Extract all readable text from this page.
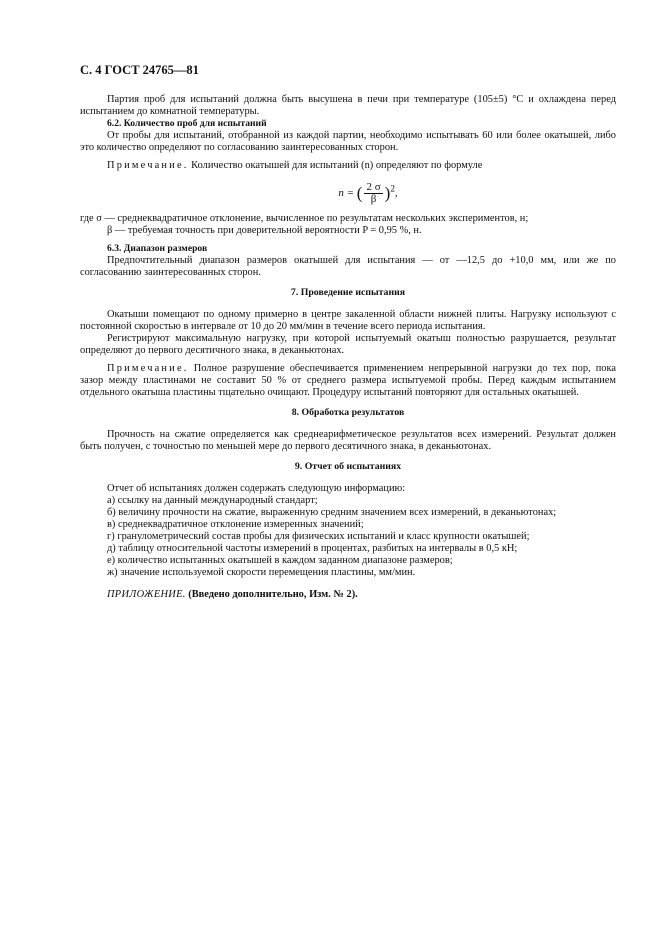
С. 4 ГОСТ 24765—81

Партия проб для испытаний должна быть высушена в печи при температуре (105±5) °С и охлаждена перед испытанием до комнатной температуры.

6.2. Количество проб для испытаний

От пробы для испытаний, отобранной из каждой партии, необходимо испытывать 60 или более окатышей, либо это количество определяют по согласованию заинтересованных сторон.

Примечание. Количество окатышей для испытаний (n) определяют по формуле

n = ( $\frac{2 \sigma}{\beta} )^2$,

где σ — среднеквадратичное отклонение, вычисленное по результатам нескольких экспериментов, н;

β — требуемая точность при доверительной вероятности P = 0,95 %, н.

6.3. Диапазон размеров

Предпочтительный диапазон размеров окатышей для испытания — от —12,5 до +10,0 мм, или же по согласованию заинтересованных сторон.

7. Проведение испытания

Окатыши помещают по одному примерно в центре закаленной области нижней плиты. Нагрузку используют с постоянной скоростью в интервале от 10 до 20 мм/мин в течение всего периода испытания.

Регистрируют максимальную нагрузку, при которой испытуемый окатыш полностью разрушается, результат определяют до первого десятичного знака, в деканьютонах.

Примечание. Полное разрушение обеспечивается применением непрерывной нагрузки до тех пор, пока зазор между пластинами не составит 50 % от среднего размера испытуемой пробы. Перед каждым испытанием отдельного окатыша пластины тщательно очищают. Процедуру испытаний повторяют для остальных окатышей.

8. Обработка результатов

Прочность на сжатие определяется как среднеарифметическое результатов всех измерений. Результат должен быть получен, с точностью по меньшей мере до первого десятичного знака, в деканьютонах.

9. Отчет об испытаниях

Отчет об испытаниях должен содержать следующую информацию:

а) ссылку на данный международный стандарт;

б) величину прочности на сжатие, выраженную средним значением всех измерений, в деканьютонах;

в) среднеквадратичное отклонение измеренных значений;

г) гранулометрический состав пробы для физических испытаний и класс крупности окатышей;

д) таблицу относительной частоты измерений в процентах, разбитых на интервалы в 0,5 кН;

е) количество испытанных окатышей в каждом заданном диапазоне размеров;

ж) значение используемой скорости перемещения пластины, мм/мин.

ПРИЛОЖЕНИЕ. (Введено дополнительно, Изм. № 2).
